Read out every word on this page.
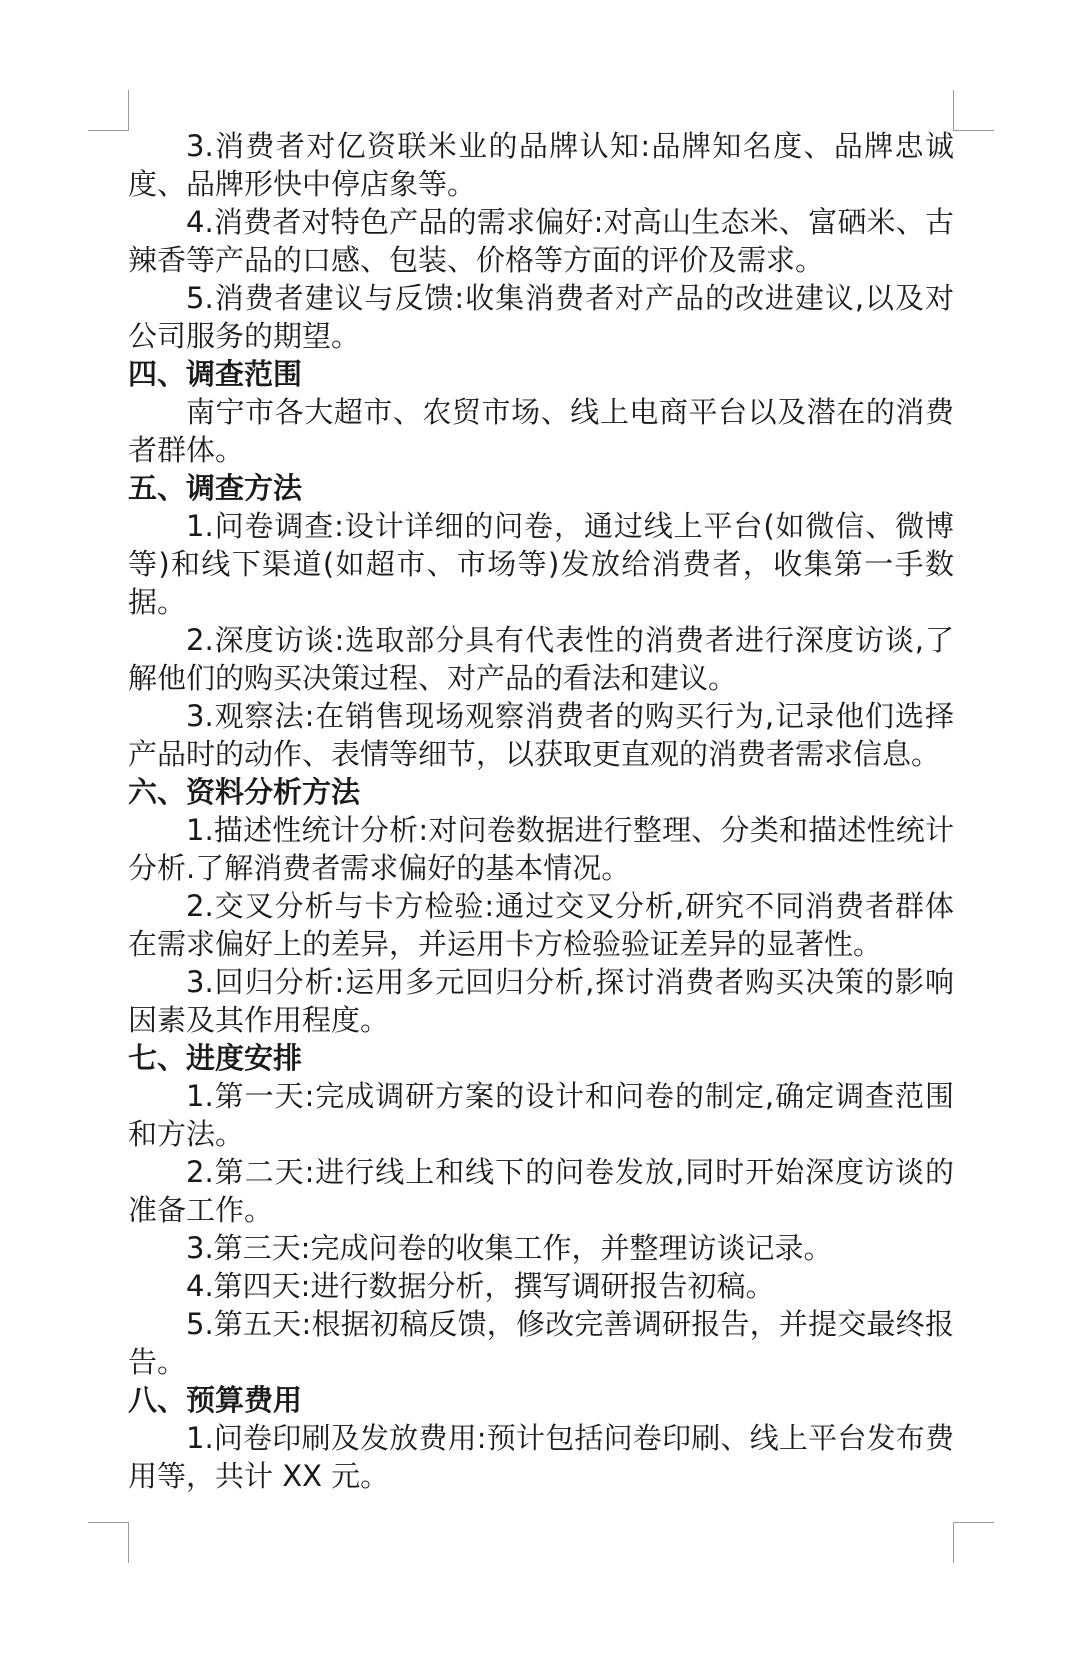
3.消费者对亿资联米业的品牌认知:品牌知名度、品牌忠诚度、品牌形快中停店象等。

4.消费者对特色产品的需求偏好:对高山生态米、富硒米、古辣香等产品的口感、包装、价格等方面的评价及需求。

5.消费者建议与反馈:收集消费者对产品的改进建议,以及对公司服务的期望。

四、调查范围

南宁市各大超市、农贸市场、线上电商平台以及潜在的消费者群体。

五、调查方法

1.问卷调查:设计详细的问卷，通过线上平台(如微信、微博等)和线下渠道(如超市、市场等)发放给消费者，收集第一手数据。

2.深度访谈:选取部分具有代表性的消费者进行深度访谈,了解他们的购买决策过程、对产品的看法和建议。

3.观察法:在销售现场观察消费者的购买行为,记录他们选择产品时的动作、表情等细节，以获取更直观的消费者需求信息。

六、资料分析方法

1.描述性统计分析:对问卷数据进行整理、分类和描述性统计分析.了解消费者需求偏好的基本情况。

2.交叉分析与卡方检验:通过交叉分析,研究不同消费者群体在需求偏好上的差异，并运用卡方检验验证差异的显著性。

3.回归分析:运用多元回归分析,探讨消费者购买决策的影响因素及其作用程度。

七、进度安排

1.第一天:完成调研方案的设计和问卷的制定,确定调查范围和方法。

2.第二天:进行线上和线下的问卷发放,同时开始深度访谈的准备工作。

3.第三天:完成问卷的收集工作，并整理访谈记录。

4.第四天:进行数据分析，撰写调研报告初稿。

5.第五天:根据初稿反馈，修改完善调研报告，并提交最终报告。

八、预算费用

1.问卷印刷及发放费用:预计包括问卷印刷、线上平台发布费用等，共计 XX 元。
